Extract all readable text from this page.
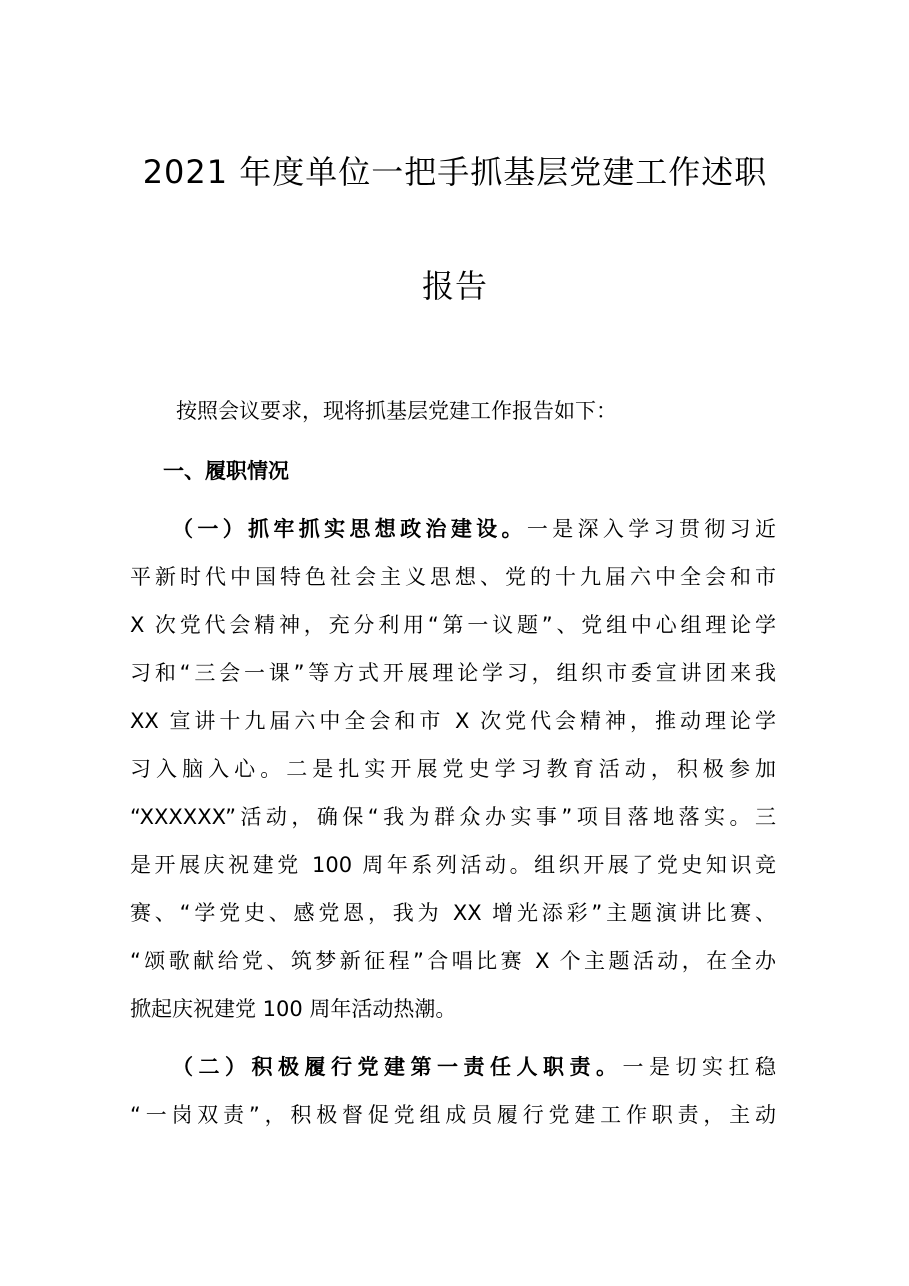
2021 年度单位一把手抓基层党建工作述职
报告

按照会议要求，现将抓基层党建工作报告如下：

一、履职情况
（一）抓牢抓实思想政治建设。一是深入学习贯彻习近
平新时代中国特色社会主义思想、党的十九届六中全会和市
X 次党代会精神，充分利用“第一议题”、党组中心组理论学
习和“三会一课”等方式开展理论学习，组织市委宣讲团来我
XX 宣讲十九届六中全会和市 X 次党代会精神，推动理论学
习入脑入心。二是扎实开展党史学习教育活动，积极参加
“XXXXXX”活动，确保“我为群众办实事”项目落地落实。三
是开展庆祝建党 100 周年系列活动。组织开展了党史知识竞
赛、“学党史、感党恩，我为 XX 增光添彩”主题演讲比赛、
“颂歌献给党、筑梦新征程”合唱比赛 X 个主题活动，在全办
掀起庆祝建党 100 周年活动热潮。
（二）积极履行党建第一责任人职责。一是切实扛稳
“一岗双责”，积极督促党组成员履行党建工作职责，主动
